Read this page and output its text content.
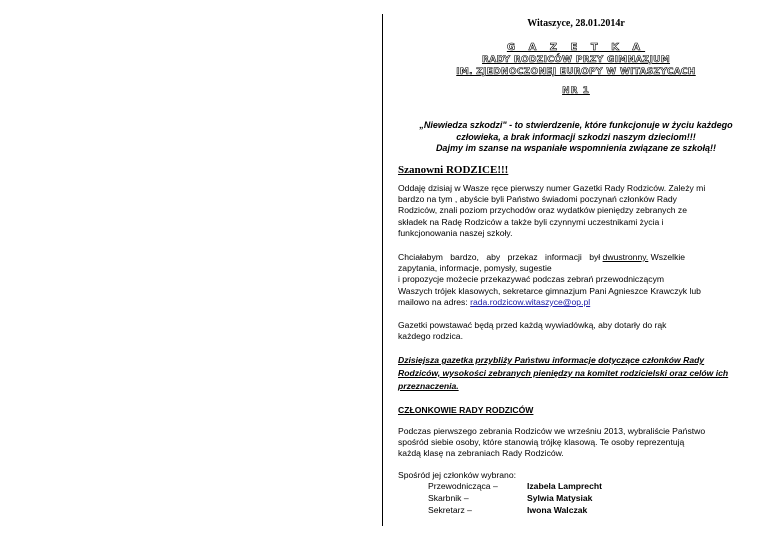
Witaszyce, 28.01.2014r
G A Z E T K A
RADY RODZICÓW PRZY GIMNAZJUM
IM. ZJEDNOCZONEJ EUROPY W WITASZYCACH
NR 1
„Niewiedza szkodzi" - to stwierdzenie, które funkcjonuje w życiu każdego
człowieka, a brak informacji szkodzi naszym dzieciom!!!
Dajmy im szanse na wspaniałe wspomnienia związane ze szkołą!!
Szanowni RODZICE!!!
Oddaję dzisiaj w Wasze ręce pierwszy numer Gazetki Rady Rodziców. Zależy mi
bardzo na tym , abyście byli Państwo świadomi poczynań członków Rady
Rodziców, znali poziom przychodów oraz wydatków pieniędzy zebranych ze
składek na Radę Rodziców a także byli czynnymi uczestnikami życia i
funkcjonowania naszej szkoły.
Chciałabym bardzo, aby przekaz informacji był dwustronny. Wszelkie
zapytania, informacje, pomysły, sugestie
i propozycje możecie przekazywać podczas zebrań przewodniczącym
Waszych trójek klasowych, sekretarce gimnazjum Pani Agnieszce Krawczyk lub
mailowo na adres: rada.rodzicow.witaszyce@op.pl
Gazetki powstawać będą przed każdą wywiadówką, aby dotarły do rąk
każdego rodzica.
Dzisiejsza gazetka przybliży Państwu informacje dotyczące członków Rady
Rodziców, wysokości zebranych pieniędzy na komitet rodzicielski oraz celów ich
przeznaczenia.
CZŁONKOWIE RADY RODZICÓW
Podczas pierwszego zebrania Rodziców we wrześniu 2013, wybraliście Państwo
spośród siebie osoby, które stanowią trójkę klasową. Te osoby reprezentują
każdą klasę na zebraniach Rady Rodziców.
Spośród jej członków wybrano:
Przewodnicząca –	Izabela Lamprecht
Skarbnik –	Sylwia Matysiak
Sekretarz –	Iwona Walczak
